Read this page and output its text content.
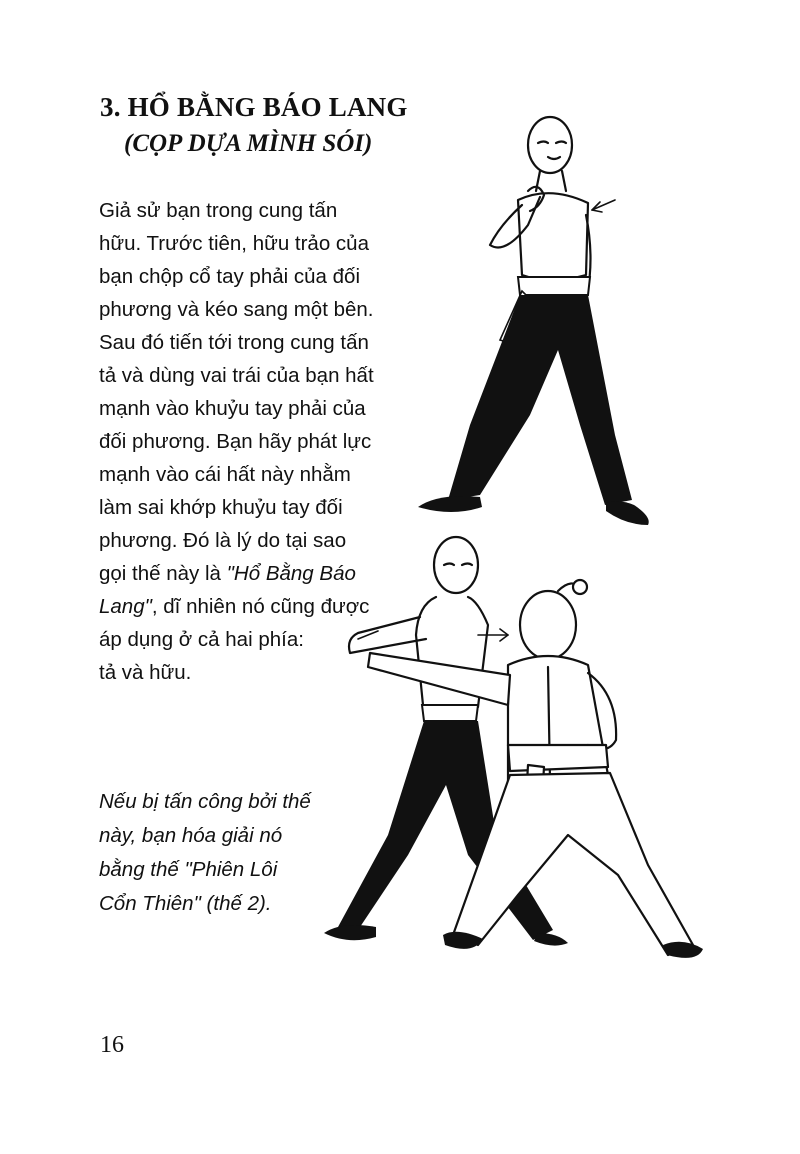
3. HỔ BẰNG BÁO LANG
(CỌP DỰA MÌNH SÓI)
Giả sử bạn trong cung tấn
hữu. Trước tiên, hữu trảo của
bạn chộp cổ tay phải của đối
phương và kéo sang một bên.
Sau đó tiến tới trong cung tấn
tả và dùng vai trái của bạn hất
mạnh vào khuỷu tay phải của
đối phương. Bạn hãy phát lực
mạnh vào cái hất này nhằm
làm sai khớp khuỷu tay đối
phương. Đó là lý do tại sao
gọi thế này là "Hổ Bằng Báo
Lang", dĩ nhiên nó cũng được
áp dụng ở cả hai phía:
tả và hữu.
Nếu bị tấn công bởi thế
này, bạn hóa giải nó
bằng thế "Phiên Lôi
Cổn Thiên" (thế 2).
16
